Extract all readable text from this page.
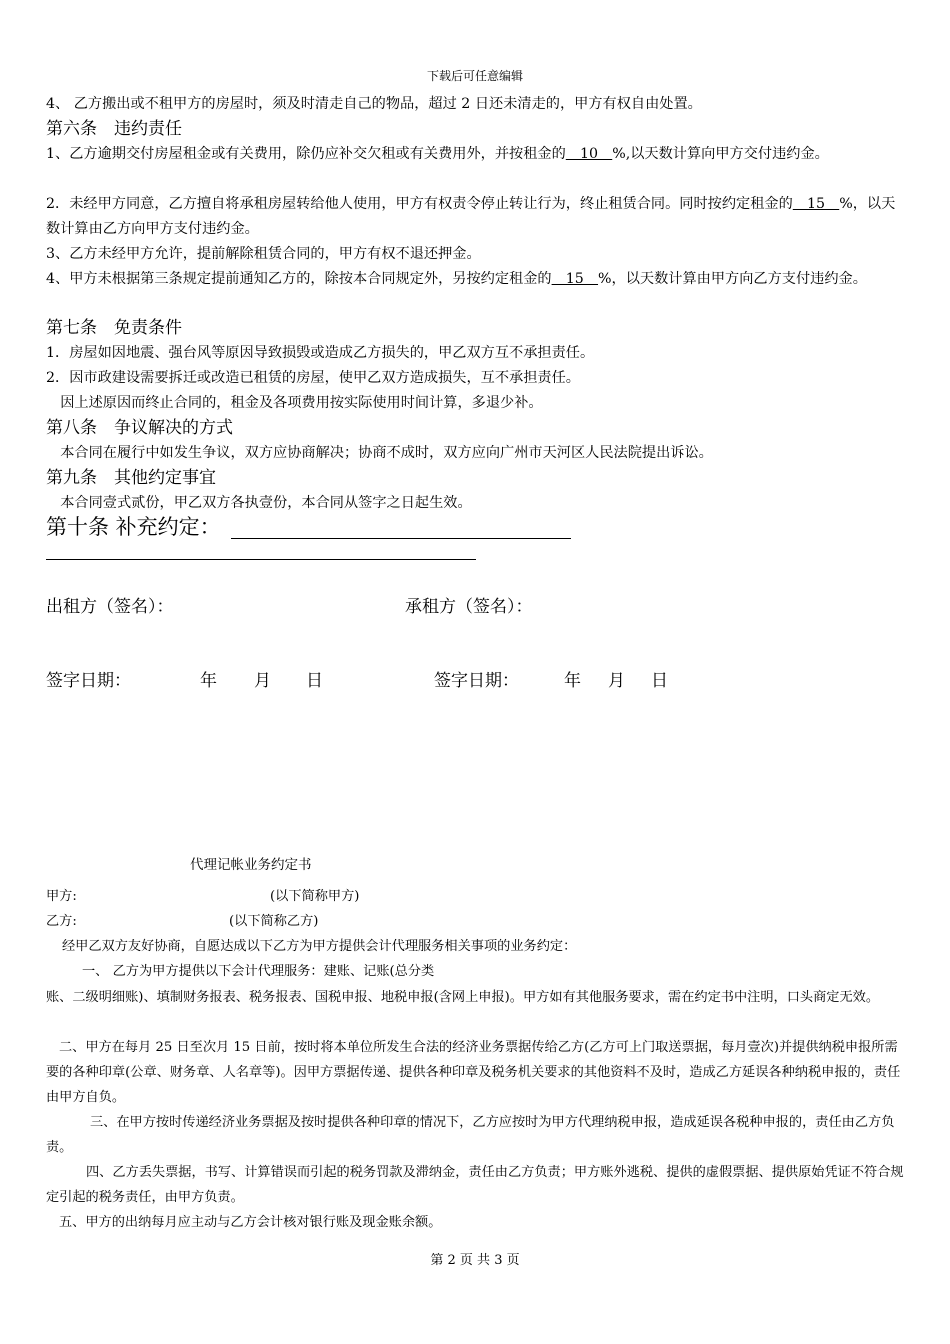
下载后可任意编辑
4、 乙方搬出或不租甲方的房屋时，须及时清走自己的物品，超过 2 日还未清走的，甲方有权自由处置。
第六条　违约责任
1、乙方逾期交付房屋租金或有关费用，除仍应补交欠租或有关费用外，并按租金的　10　%,以天数计算向甲方交付违约金。
2．未经甲方同意，乙方擅自将承租房屋转给他人使用，甲方有权责令停止转让行为，终止租赁合同。同时按约定租金的　15　%，以天数计算由乙方向甲方支付违约金。
3、乙方未经甲方允许，提前解除租赁合同的，甲方有权不退还押金。
4、甲方未根据第三条规定提前通知乙方的，除按本合同规定外，另按约定租金的　15　%，以天数计算由甲方向乙方支付违约金。
第七条　免责条件
1．房屋如因地震、强台风等原因导致损毁或造成乙方损失的，甲乙双方互不承担责任。
2．因市政建设需要拆迁或改造已租赁的房屋，使甲乙双方造成损失，互不承担责任。
　因上述原因而终止合同的，租金及各项费用按实际使用时间计算，多退少补。
第八条　争议解决的方式
　本合同在履行中如发生争议，双方应协商解决；协商不成时，双方应向广州市天河区人民法院提出诉讼。
第九条　其他约定事宜
　本合同壹式贰份，甲乙双方各执壹份，本合同从签字之日起生效。
第十条 补充约定：
出租方（签名）：	承租方（签名）：
签字日期：	年 月 日	签字日期：	年 月 日
代理记帐业务约定书
甲方:	(以下简称甲方)
乙方:	(以下简称乙方)
经甲乙双方友好协商，自愿达成以下乙方为甲方提供会计代理服务相关事项的业务约定：
一、 乙方为甲方提供以下会计代理服务：建账、记账(总分类
账、二级明细账)、填制财务报表、税务报表、国税申报、地税申报(含网上申报)。甲方如有其他服务要求，需在约定书中注明，口头商定无效。
二、甲方在每月 25 日至次月 15 日前，按时将本单位所发生合法的经济业务票据传给乙方(乙方可上门取送票据，每月壹次)并提供纳税申报所需要的各种印章(公章、财务章、人名章等)。因甲方票据传递、提供各种印章及税务机关要求的其他资料不及时，造成乙方延误各种纳税申报的，责任由甲方自负。
三、在甲方按时传递经济业务票据及按时提供各种印章的情况下，乙方应按时为甲方代理纳税申报，造成延误各税种申报的，责任由乙方负责。
四、乙方丢失票据，书写、计算错误而引起的税务罚款及滞纳金，责任由乙方负责；甲方账外逃税、提供的虚假票据、提供原始凭证不符合规定引起的税务责任，由甲方负责。
五、甲方的出纳每月应主动与乙方会计核对银行账及现金账余额。
第 2 页 共 3 页
